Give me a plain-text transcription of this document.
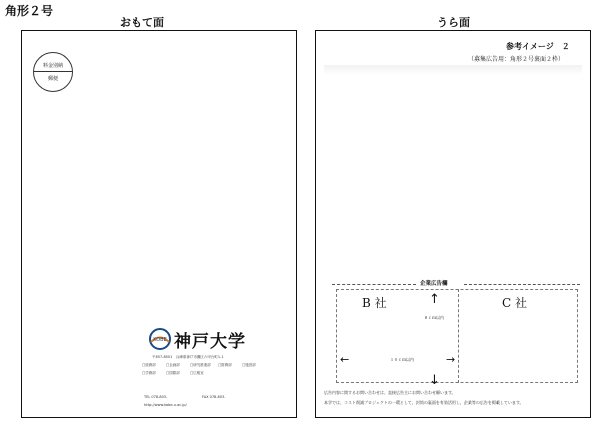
角形２号
おもて面	うら面
料金別納
郵便
KOBE 神戸大学
〒657-8501　兵庫県神戸市灘区六甲台町1-1
□総務部	□企画部	□研究推進部 □財務部	□施設部
□学務部	□国際部	□広報室
TEL 078-803-	FAX 078-803-
http://www.kobe-u.ac.jp/
参考イメージ　２
（募集広告用：角形２号裏面２枠）
企業広告欄
B 社	C 社
↑
８ｃｍ以内
←	１０ｃｍ以内	→
↓
広告内容に関するお問い合わせは、直接広告主にお問い合わせ願います。
本学では、コスト削減プロジェクトの一環として、封筒の裏面を有効活用し、企業等の広告を掲載しています。
